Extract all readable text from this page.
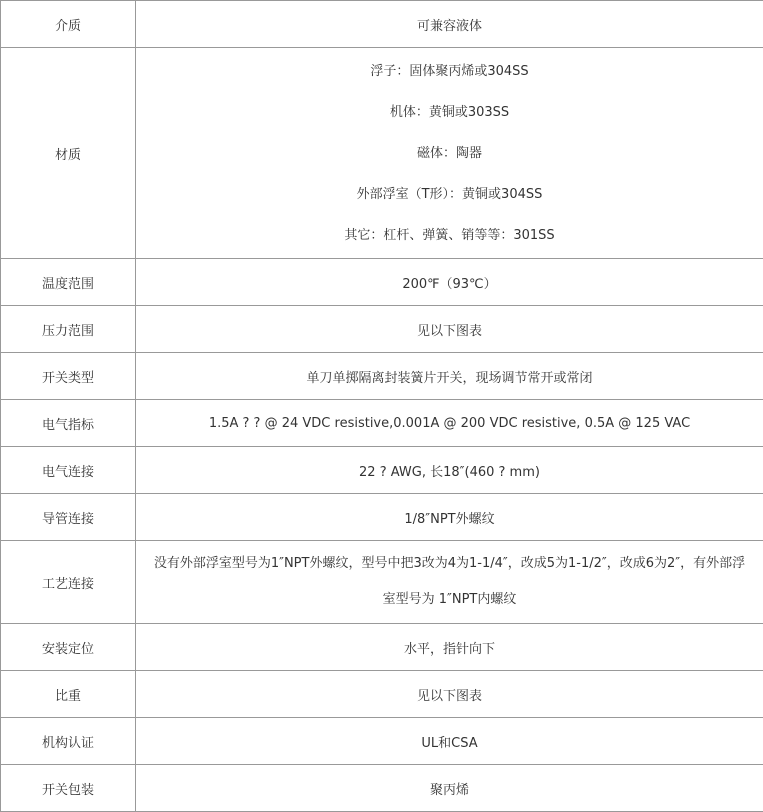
介质	可兼容液体
材质	浮子：固体聚丙烯或304SS
机体：黄铜或303SS
磁体：陶器
外部浮室（T形）：黄铜或304SS
其它：杠杆、弹簧、销等等：301SS

温度范围	200℉（93℃）
压力范围	见以下图表
开关类型	单刀单掷隔离封装簧片开关，现场调节常开或常闭
电气指标	1.5A ? ? @ 24 VDC resistive,0.001A @ 200 VDC resistive, 0.5A @ 125 VAC
电气连接	22 ? AWG, 长18″(460 ? mm)
导管连接	1/8″NPT外螺纹
工艺连接	没有外部浮室型号为1″NPT外螺纹，型号中把3改为4为1-1/4″，改成5为1-1/2″，改成6为2″，有外部浮
室型号为 1″NPT内螺纹

安装定位	水平，指针向下
比重	见以下图表
机构认证	UL和CSA
开关包装	聚丙烯
